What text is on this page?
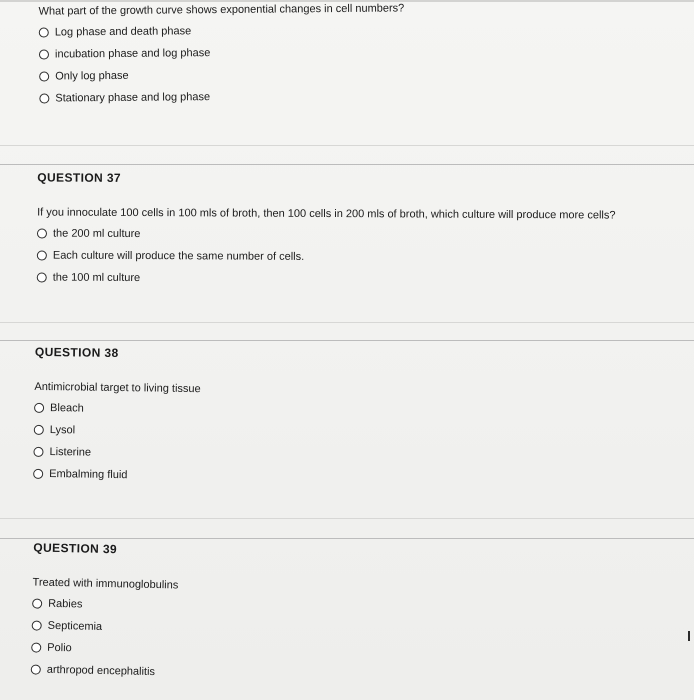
What part of the growth curve shows exponential changes in cell numbers?
Log phase and death phase
incubation phase and log phase
Only log phase
Stationary phase and log phase
QUESTION 37
If you innoculate 100 cells in 100 mls of broth, then 100 cells in 200 mls of broth, which culture will produce more cells?
the 200 ml culture
Each culture will produce the same number of cells.
the 100 ml culture
QUESTION 38
Antimicrobial target to living tissue
Bleach
Lysol
Listerine
Embalming fluid
QUESTION 39
Treated with immunoglobulins
Rabies
Septicemia
Polio
arthropod encephalitis
